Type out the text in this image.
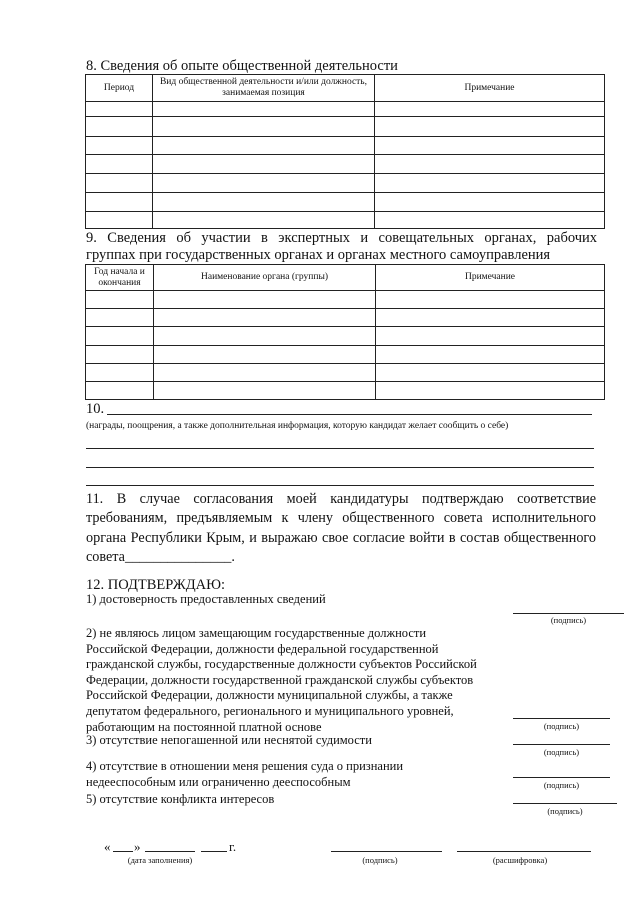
8. Сведения об опыте общественной деятельности
Период	Вид общественной деятельности и/или должность, занимаемая позиция	Примечание

9. Сведения об участии в экспертных и совещательных органах, рабочих
группах при государственных органах и органах местного самоуправления
Год начала и окончания	Наименование органа (группы)	Примечание

10.
(награды, поощрения, а также дополнительная информация, которую кандидат желает сообщить о себе)
11. В случае согласования моей кандидатуры подтверждаю соответствие требованиям, предъявляемым к члену общественного совета исполнительного органа Республики Крым, и выражаю свое согласие войти в состав общественного совета_______________.
12. ПОДТВЕРЖДАЮ:
1) достоверность предоставленных сведений
(подпись)
2) не являюсь лицом замещающим государственные должности
Российской Федерации, должности федеральной государственной
гражданской службы, государственные должности субъектов Российской
Федерации, должности государственной гражданской службы субъектов
Российской Федерации, должности муниципальной службы, а также
депутатом федерального, регионального и муниципального уровней,
работающим на постоянной платной основе	(подпись)
3) отсутствие непогашенной или неснятой судимости
(подпись)
4) отсутствие в отношении меня решения суда о признании
недееспособным или ограниченно дееспособным	(подпись)
5) отсутствие конфликта интересов
(подпись)
« »	г.
(дата заполнения)	(подпись)	(расшифровка)
